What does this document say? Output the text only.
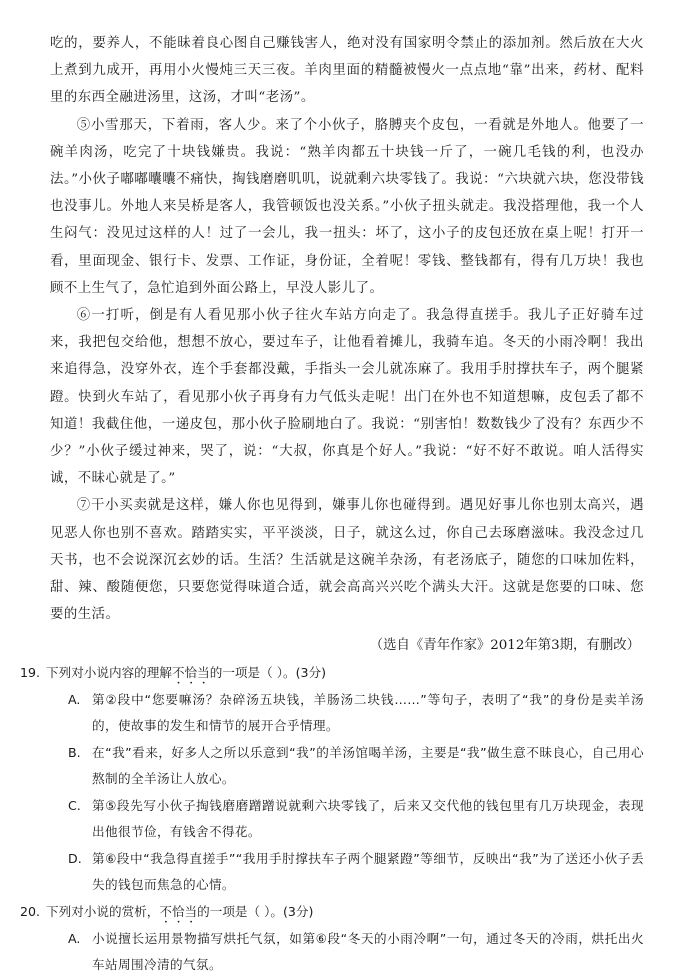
吃的，要养人，不能昧着良心图自己赚钱害人，绝对没有国家明令禁止的添加剂。然后放在大火上煮到九成开，再用小火慢炖三天三夜。羊肉里面的精髓被慢火一点点地“靠”出来，药材、配料里的东西全融进汤里，这汤，才叫“老汤”。

⑤小雪那天，下着雨，客人少。来了个小伙子，胳膊夹个皮包，一看就是外地人。他要了一碗羊肉汤，吃完了十块钱嫌贵。我说：“熟羊肉都五十块钱一斤了，一碗几毛钱的利，也没办法。”小伙子嘟嘟囔囔不痛快，掏钱磨磨叽叽，说就剩六块零钱了。我说：“六块就六块，您没带钱也没事儿。外地人来吴桥是客人，我管顿饭也没关系。”小伙子扭头就走。我没搭理他，我一个人生闷气：没见过这样的人！过了一会儿，我一扭头：坏了，这小子的皮包还放在桌上呢！打开一看，里面现金、银行卡、发票、工作证，身份证，全着呢！零钱、整钱都有，得有几万块！我也顾不上生气了，急忙追到外面公路上，早没人影儿了。

⑥一打听，倒是有人看见那小伙子往火车站方向走了。我急得直搓手。我儿子正好骑车过来，我把包交给他，想想不放心，要过车子，让他看着摊儿，我骑车追。冬天的小雨冷啊！我出来追得急，没穿外衣，连个手套都没戴，手指头一会儿就冻麻了。我用手肘撑扶车子，两个腿紧蹬。快到火车站了，看见那小伙子再身有力气低头走呢！出门在外也不知道想嘛，皮包丢了都不知道！我截住他，一递皮包，那小伙子脸刷地白了。我说：“别害怕！数数钱少了没有？东西少不少？”小伙子缓过神来，哭了，说：“大叔，你真是个好人。”我说：“好不好不敢说。咱人活得实诚，不昧心就是了。”

⑦干小买卖就是这样，嫌人你也见得到，嫌事儿你也碰得到。遇见好事儿你也别太高兴，遇见恶人你也别不喜欢。踏踏实实，平平淡淡，日子，就这么过，你自己去琢磨滋味。我没念过几天书，也不会说深沉玄妙的话。生活？生活就是这碗羊杂汤，有老汤底子，随您的口味加佐料，甜、辣、酸随便您，只要您觉得味道合适，就会高高兴兴吃个满头大汗。这就是您要的口味、您要的生活。

（选自《青年作家》2012年第3期，有删改）
19. 下列对小说内容的理解不恰当的一项是（ ）。(3分)
A. 第②段中“您要嘛汤？杂碎汤五块钱，羊肠汤二块钱……”等句子，表明了“我”的身份是卖羊汤的，使故事的发生和情节的展开合乎情理。
B. 在“我”看来，好多人之所以乐意到“我”的羊汤馆喝羊汤，主要是“我”做生意不昧良心，自己用心熬制的全羊汤让人放心。
C. 第⑤段先写小伙子掏钱磨磨蹭蹭说就剩六块零钱了，后来又交代他的钱包里有几万块现金，表现出他很节俭，有钱舍不得花。
D. 第⑥段中“我急得直搓手”“我用手肘撑扶车子两个腿紧蹬”等细节，反映出“我”为了送还小伙子丢失的钱包而焦急的心情。
20. 下列对小说的赏析，不恰当的一项是（ ）。(3分)
A. 小说擅长运用景物描写烘托气氛，如第⑥段“冬天的小雨冷啊”一句，通过冬天的冷雨，烘托出火车站周围冷清的气氛。
